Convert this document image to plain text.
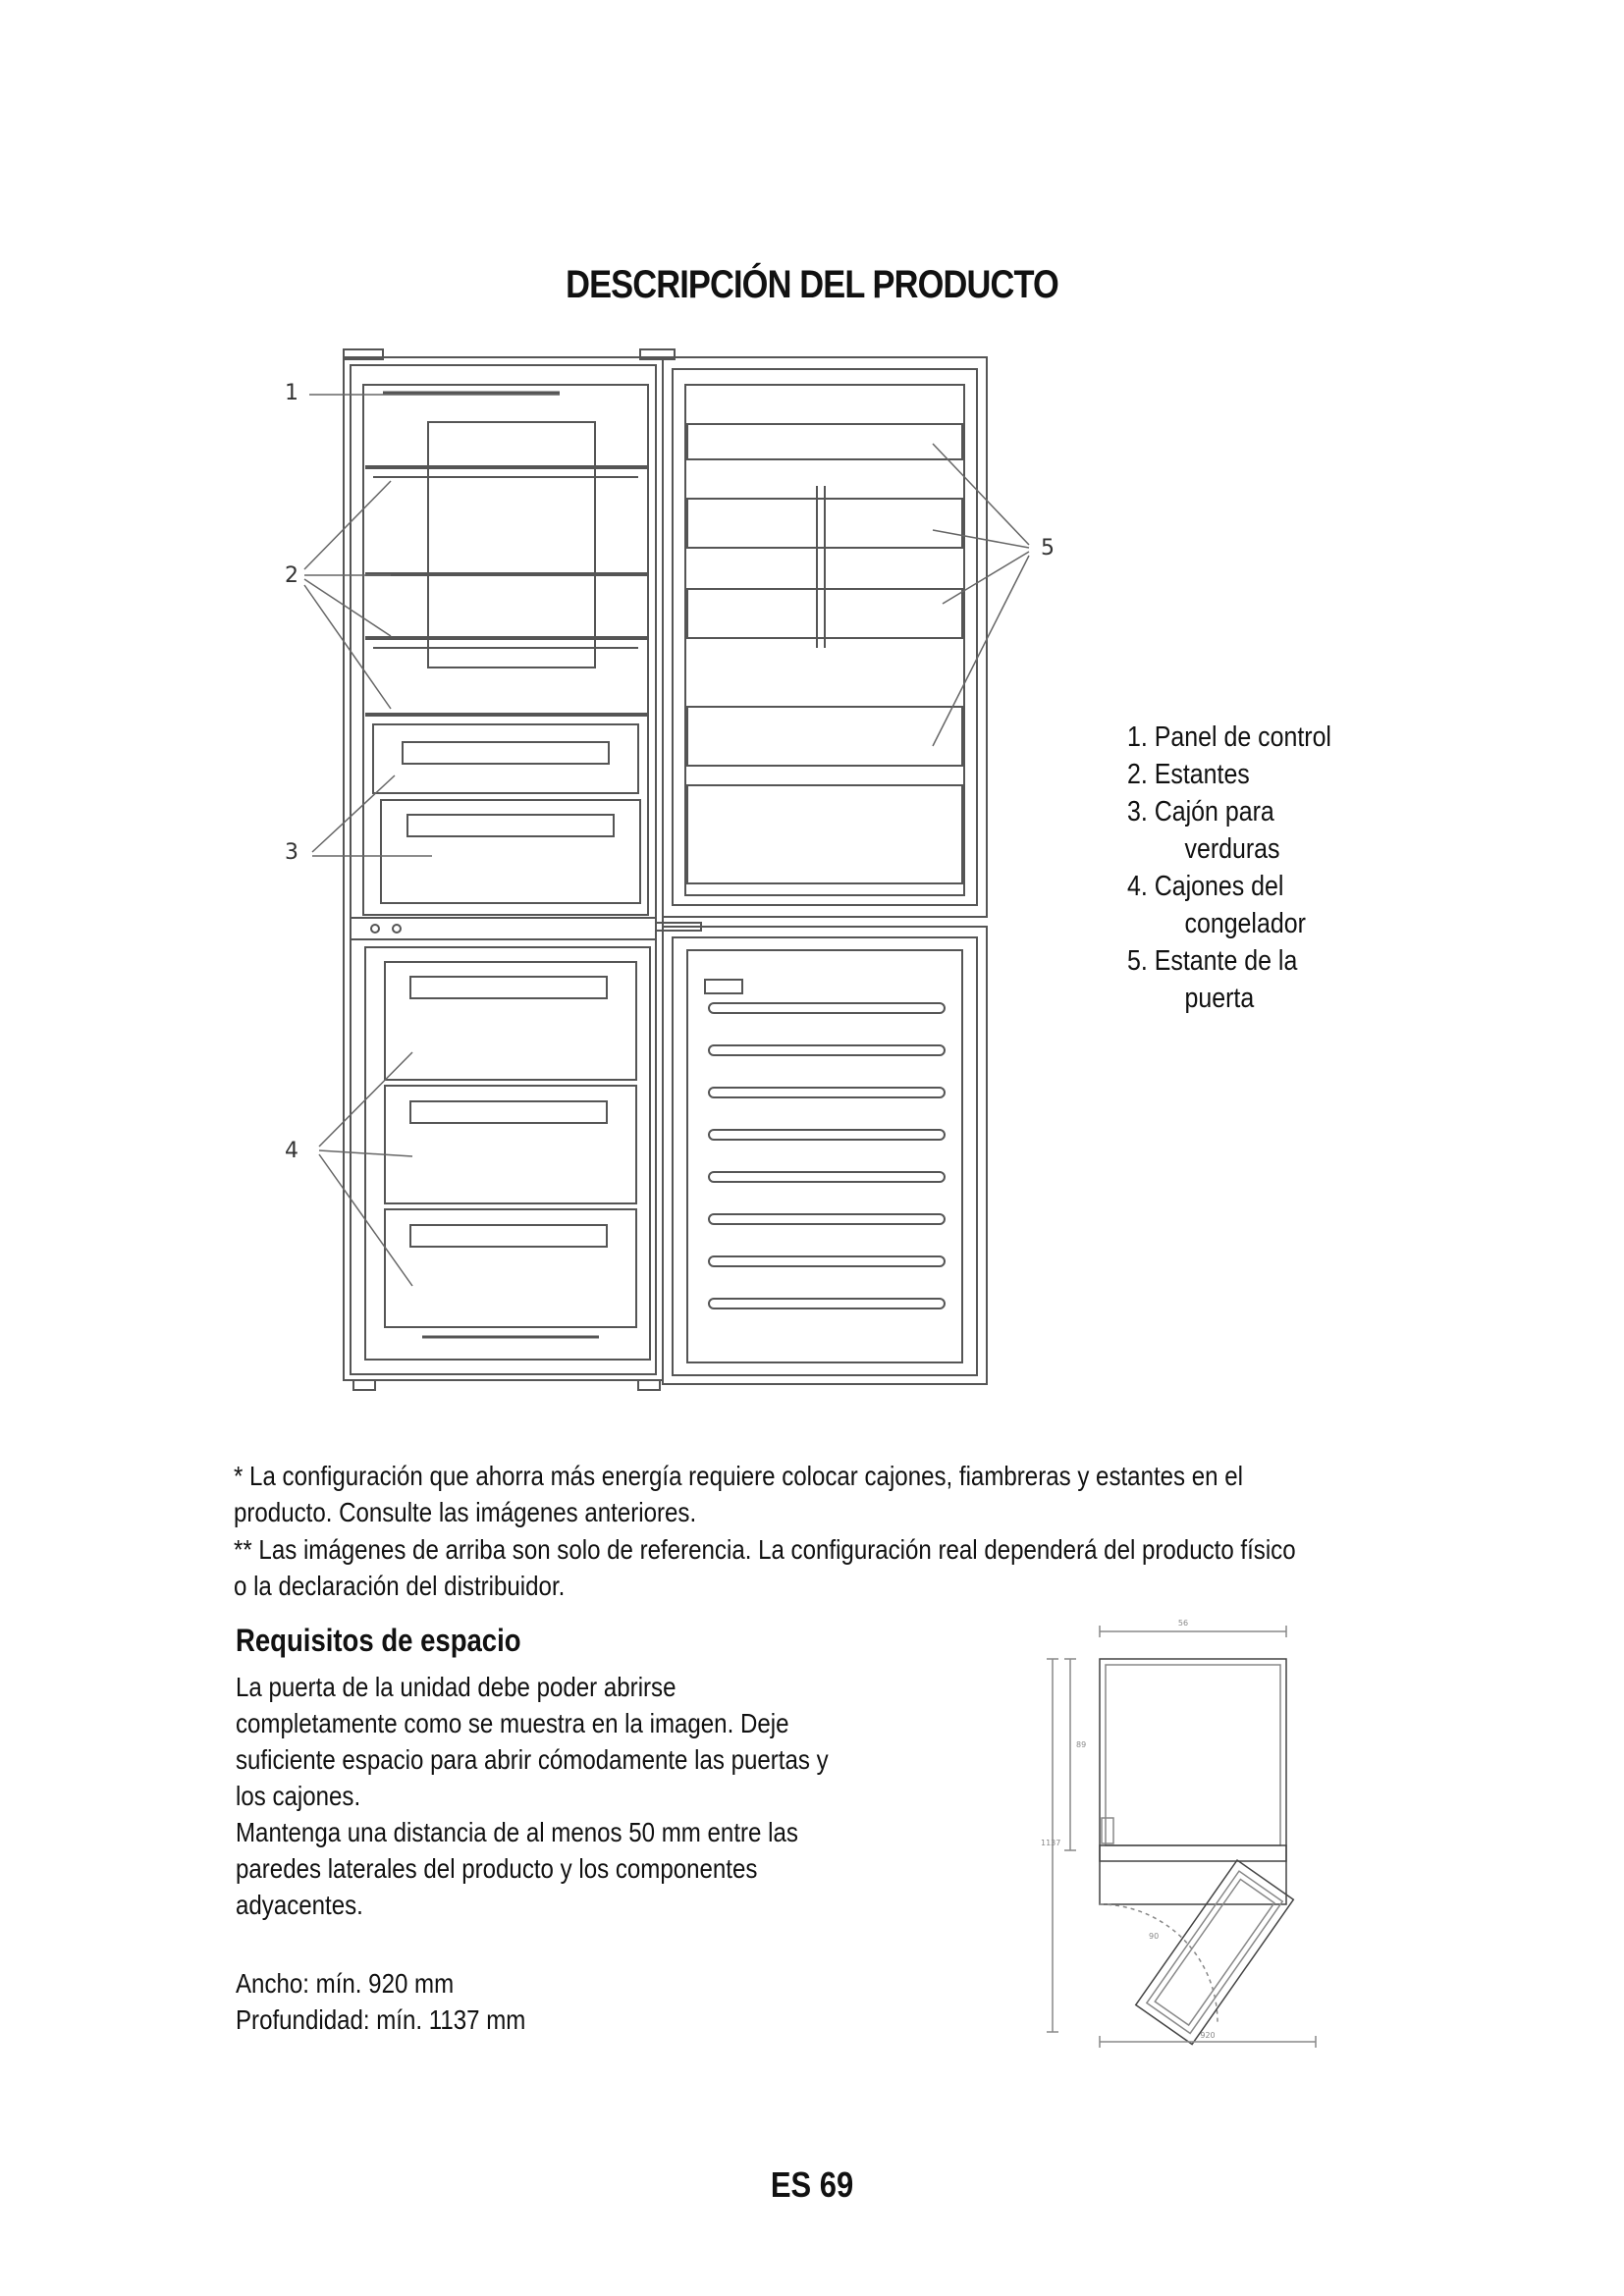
DESCRIPCIÓN DEL PRODUCTO
1
2
3
4
5
1. Panel de control
2. Estantes
3. Cajón para
verduras
4. Cajones del
congelador
5. Estante de la
puerta
* La configuración que ahorra más energía requiere colocar cajones, fiambreras y estantes en el
producto. Consulte las imágenes anteriores.
** Las imágenes de arriba son solo de referencia. La configuración real dependerá del producto físico
o la declaración del distribuidor.
Requisitos de espacio
La puerta de la unidad debe poder abrirse
completamente como se muestra en la imagen. Deje
suficiente espacio para abrir cómodamente las puertas y
los cajones.
Mantenga una distancia de al menos 50 mm entre las
paredes laterales del producto y los componentes
adyacentes.
Ancho: mín. 920 mm
Profundidad: mín. 1137 mm
56
89
1137
90
920
ES 69
